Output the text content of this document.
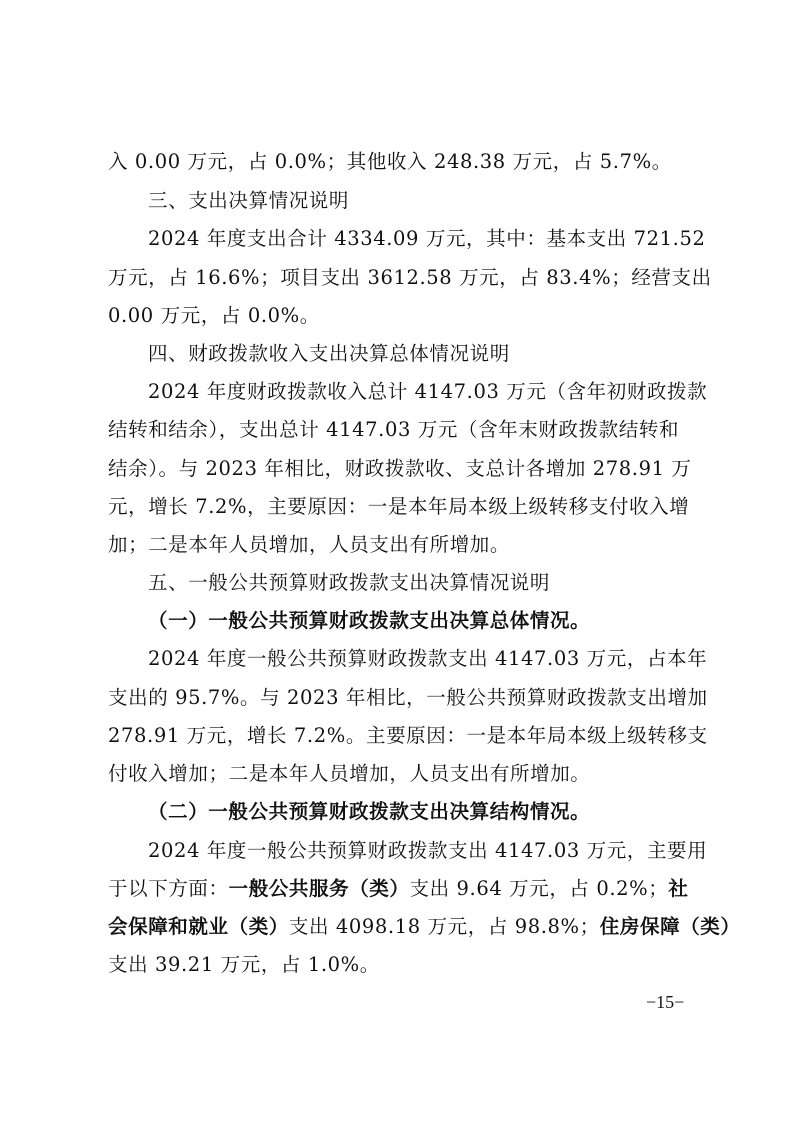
入 0.00 万元，占 0.0%；其他收入 248.38 万元，占 5.7%。
三、支出决算情况说明
2024 年度支出合计 4334.09 万元，其中：基本支出 721.52
万元，占 16.6%；项目支出 3612.58 万元，占 83.4%；经营支出
0.00 万元，占 0.0%。
四、财政拨款收入支出决算总体情况说明
2024 年度财政拨款收入总计 4147.03 万元（含年初财政拨款
结转和结余），支出总计 4147.03 万元（含年末财政拨款结转和
结余）。与 2023 年相比，财政拨款收、支总计各增加 278.91 万
元，增长 7.2%，主要原因：一是本年局本级上级转移支付收入增
加；二是本年人员增加，人员支出有所增加。
五、一般公共预算财政拨款支出决算情况说明
（一）一般公共预算财政拨款支出决算总体情况。
2024 年度一般公共预算财政拨款支出 4147.03 万元，占本年
支出的 95.7%。与 2023 年相比，一般公共预算财政拨款支出增加
278.91 万元，增长 7.2%。主要原因：一是本年局本级上级转移支
付收入增加；二是本年人员增加，人员支出有所增加。
（二）一般公共预算财政拨款支出决算结构情况。
2024 年度一般公共预算财政拨款支出 4147.03 万元，主要用
于以下方面：一般公共服务（类）支出 9.64 万元，占 0.2%；社
会保障和就业（类）支出 4098.18 万元，占 98.8%；住房保障（类）
支出 39.21 万元，占 1.0%。
−15−
